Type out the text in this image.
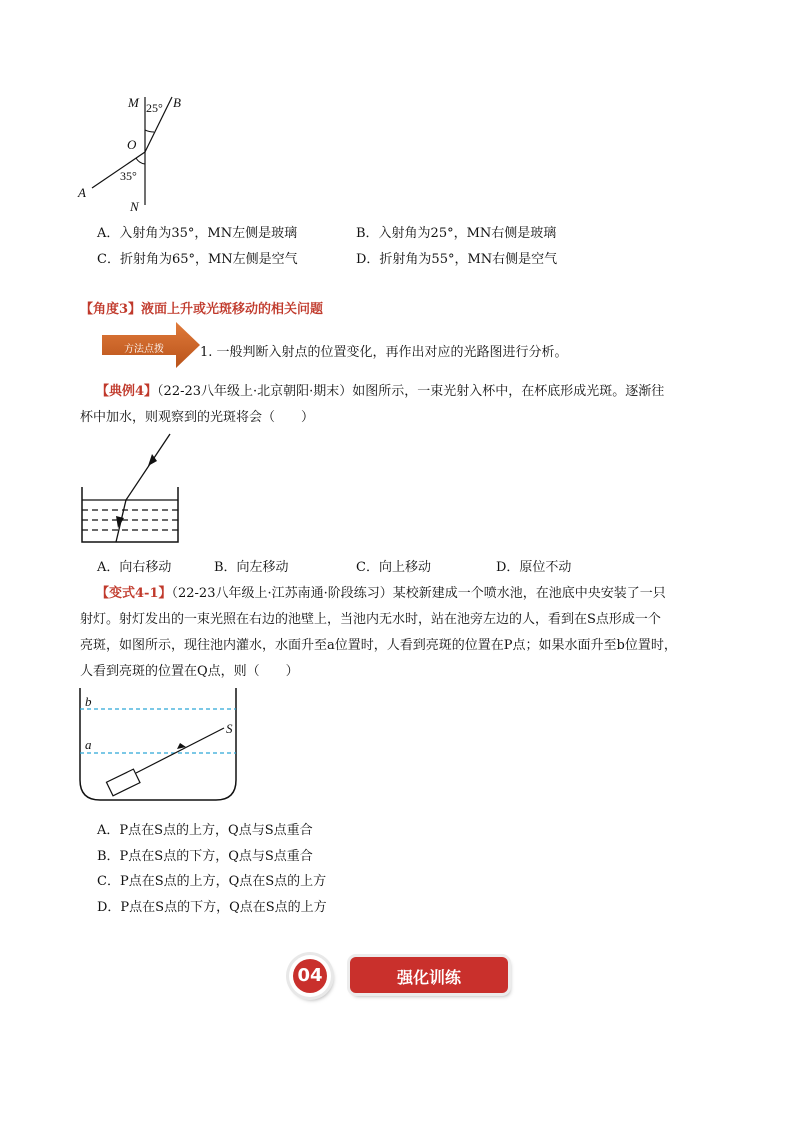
M 25° B
O
35°
A
N
A．入射角为35°，MN左侧是玻璃	B．入射角为25°，MN右侧是玻璃
C．折射角为65°，MN左侧是空气	D．折射角为55°，MN右侧是空气
【角度3】液面上升或光斑移动的相关问题
方法点拨	1. 一般判断入射点的位置变化，再作出对应的光路图进行分析。
【典例4】（22-23八年级上·北京朝阳·期末）如图所示，一束光射入杯中，在杯底形成光斑。逐渐往
杯中加水，则观察到的光斑将会（　　）
A．向右移动	B．向左移动	C．向上移动	D．原位不动
【变式4-1】（22-23八年级上·江苏南通·阶段练习）某校新建成一个喷水池，在池底中央安装了一只
射灯。射灯发出的一束光照在右边的池壁上，当池内无水时，站在池旁左边的人，看到在S点形成一个
亮斑，如图所示，现往池内灌水，水面升至a位置时，人看到亮斑的位置在P点；如果水面升至b位置时，
人看到亮斑的位置在Q点，则（　　）
b
a
S
A．P点在S点的上方，Q点与S点重合
B．P点在S点的下方，Q点与S点重合
C．P点在S点的上方，Q点在S点的上方
D．P点在S点的下方，Q点在S点的上方
04	强化训练
